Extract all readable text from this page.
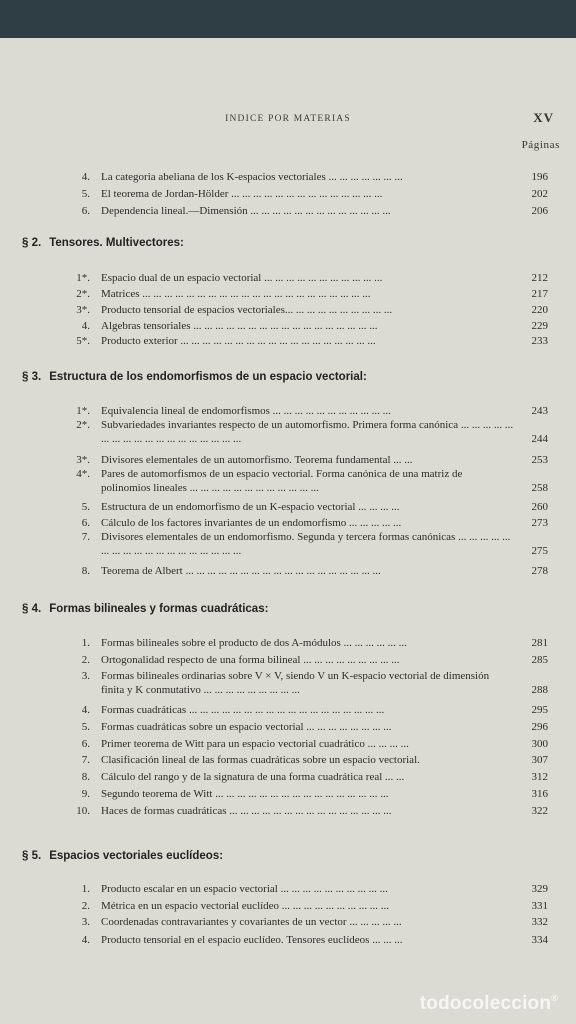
INDICE POR MATERIAS	XV
Páginas
4. La categoria abeliana de los K-espacios vectoriales ... ... ... ... ... ... ...	196
5. El teorema de Jordan-Hölder ... ... ... ... ... ... ... ... ... ... ... ... ... ...	202
6. Dependencia lineal.—Dimensión ... ... ... ... ... ... ... ... ... ... ... ... ...	206
§ 2. Tensores. Multivectores:
1*. Espacio dual de un espacio vectorial ... ... ... ... ... ... ... ... ... ... ...	212
2*. Matrices ... ... ... ... ... ... ... ... ... ... ... ... ... ... ... ... ... ... ... ... ...	217
3*. Producto tensorial de espacios vectoriales... ... ... ... ... ... ... ... ... ...	220
4. Algebras tensoriales ... ... ... ... ... ... ... ... ... ... ... ... ... ... ... ... ...	229
5*. Producto exterior ... ... ... ... ... ... ... ... ... ... ... ... ... ... ... ... ... ...	233
§ 3. Estructura de los endomorfismos de un espacio vectorial:
1*. Equivalencia lineal de endomorfismos ... ... ... ... ... ... ... ... ... ... ...	243
2*. Subvariedades invariantes respecto de un automorfismo. Primera forma canónica ... ... ... ... ... ... ... ... ... ... ... ... ... ... ... ... ... ...	244
3*. Divisores elementales de un automorfismo. Teorema fundamental ... ...	253
4*. Pares de automorfismos de un espacio vectorial. Forma canónica de una matriz de polinomios lineales ... ... ... ... ... ... ... ... ... ... ... ...	258
5. Estructura de un endomorfismo de un K-espacio vectorial ... ... ... ...	260
6. Cálculo de los factores invariantes de un endomorfismo ... ... ... ... ...	273
7. Divisores elementales de un endomorfismo. Segunda y tercera formas canónicas ... ... ... ... ... ... ... ... ... ... ... ... ... ... ... ... ... ...	275
8. Teorema de Albert ... ... ... ... ... ... ... ... ... ... ... ... ... ... ... ... ... ...	278
§ 4. Formas bilineales y formas cuadráticas:
1. Formas bilineales sobre el producto de dos A-módulos ... ... ... ... ... ...	281
2. Ortogonalidad respecto de una forma bilineal ... ... ... ... ... ... ... ... ...	285
3. Formas bilineales ordinarias sobre V × V, siendo V un K-espacio vectorial de dimensión finita y K conmutativo ... ... ... ... ... ... ... ... ...	288
4. Formas cuadráticas ... ... ... ... ... ... ... ... ... ... ... ... ... ... ... ... ... ...	295
5. Formas cuadráticas sobre un espacio vectorial ... ... ... ... ... ... ... ...	296
6. Primer teorema de Witt para un espacio vectorial cuadrático ... ... ... ...	300
7. Clasificación lineal de las formas cuadráticas sobre un espacio vectorial.	307
8. Cálculo del rango y de la signatura de una forma cuadrática real ... ...	312
9. Segundo teorema de Witt ... ... ... ... ... ... ... ... ... ... ... ... ... ... ... ...	316
10. Haces de formas cuadráticas ... ... ... ... ... ... ... ... ... ... ... ... ... ... ...	322
§ 5. Espacios vectoriales euclídeos:
1. Producto escalar en un espacio vectorial ... ... ... ... ... ... ... ... ... ...	329
2. Métrica en un espacio vectorial euclídeo ... ... ... ... ... ... ... ... ... ...	331
3. Coordenadas contravariantes y covariantes de un vector ... ... ... ... ...	332
4. Producto tensorial en el espacio euclídeo. Tensores euclídeos ... ... ...	334
todocoleccion®
